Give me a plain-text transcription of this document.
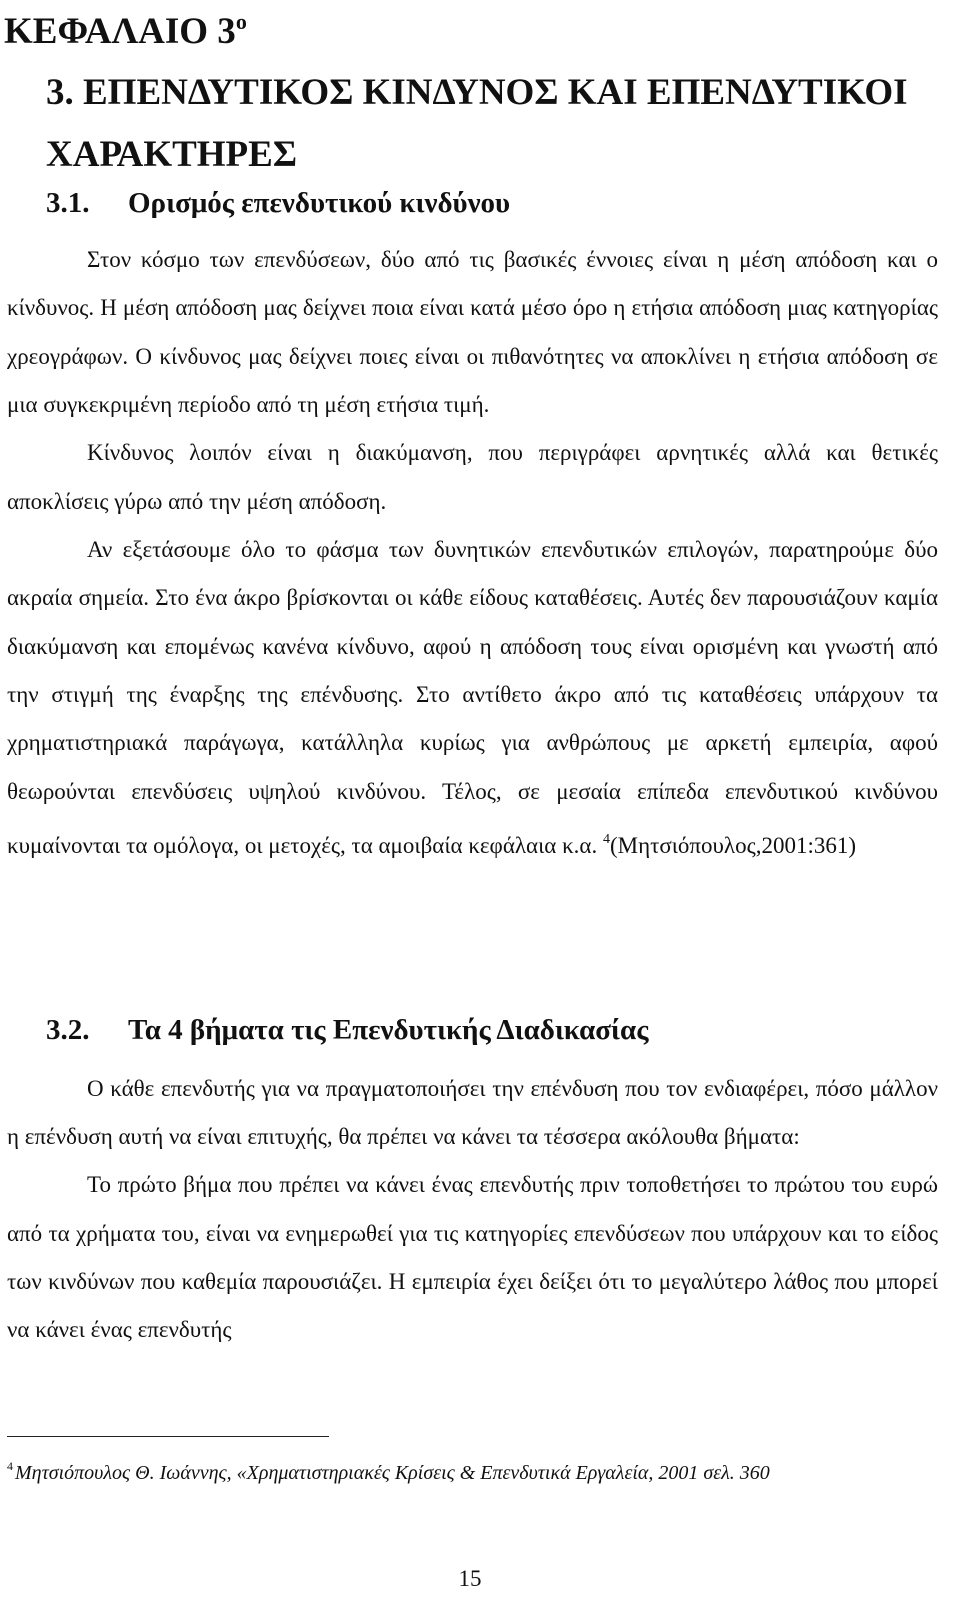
ΚΕΦΑΛΑΙΟ $3^o$
3. ΕΠΕΝΔΥΤΙΚΟΣ ΚΙΝΔΥΝΟΣ ΚΑΙ ΕΠΕΝΔΥΤΙΚΟΙ ΧΑΡΑΚΤΗΡΕΣ
3.1. Ορισμός επενδυτικού κινδύνου
Στον κόσμο των επενδύσεων, δύο από τις βασικές έννοιες είναι η μέση απόδοση και ο κίνδυνος. Η μέση απόδοση μας δείχνει ποια είναι κατά μέσο όρο η ετήσια απόδοση μιας κατηγορίας χρεογράφων. Ο κίνδυνος μας δείχνει ποιες είναι οι πιθανότητες να αποκλίνει η ετήσια απόδοση σε μια συγκεκριμένη περίοδο από τη μέση ετήσια τιμή.
Κίνδυνος λοιπόν είναι η διακύμανση, που περιγράφει αρνητικές αλλά και θετικές αποκλίσεις γύρω από την μέση απόδοση.
Αν εξετάσουμε όλο το φάσμα των δυνητικών επενδυτικών επιλογών, παρατηρούμε δύο ακραία σημεία. Στο ένα άκρο βρίσκονται οι κάθε είδους καταθέσεις. Αυτές δεν παρουσιάζουν καμία διακύμανση και επομένως κανένα κίνδυνο, αφού η απόδοση τους είναι ορισμένη και γνωστή από την στιγμή της έναρξης της επένδυσης. Στο αντίθετο άκρο από τις καταθέσεις υπάρχουν τα χρηματιστηριακά παράγωγα, κατάλληλα κυρίως για ανθρώπους με αρκετή εμπειρία, αφού θεωρούνται επενδύσεις υψηλού κινδύνου. Τέλος, σε μεσαία επίπεδα επενδυτικού κινδύνου κυμαίνονται τα ομόλογα, οι μετοχές, τα αμοιβαία κεφάλαια κ.α. $^4$(Μητσιόπουλος,2001:361)
3.2. Τα 4 βήματα τις Επενδυτικής Διαδικασίας
Ο κάθε επενδυτής για να πραγματοποιήσει την επένδυση που τον ενδιαφέρει, πόσο μάλλον η επένδυση αυτή να είναι επιτυχής, θα πρέπει να κάνει τα τέσσερα ακόλουθα βήματα:
Το πρώτο βήμα που πρέπει να κάνει ένας επενδυτής πριν τοποθετήσει το πρώτου του ευρώ από τα χρήματα του, είναι να ενημερωθεί για τις κατηγορίες επενδύσεων που υπάρχουν και το είδος των κινδύνων που καθεμία παρουσιάζει. Η εμπειρία έχει δείξει ότι το μεγαλύτερο λάθος που μπορεί να κάνει ένας επενδυτής

$^4$ Μητσιόπουλος Θ. Ιωάννης, «Χρηματιστηριακές Κρίσεις & Επενδυτικά Εργαλεία, 2001 σελ. 360

15
